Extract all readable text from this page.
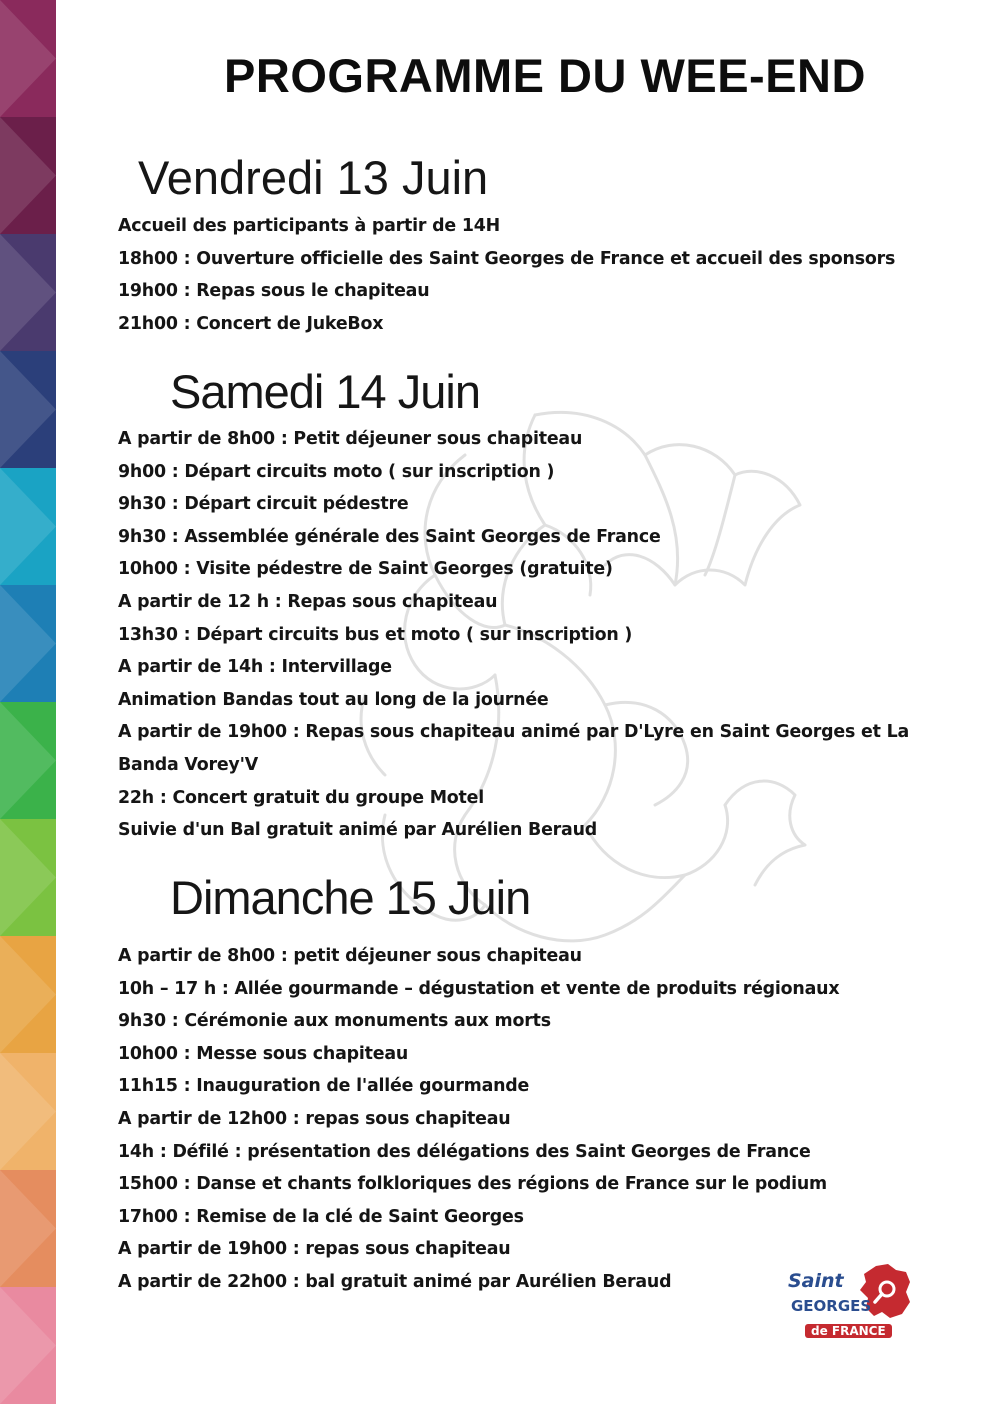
PROGRAMME DU WEE-END
Vendredi 13 Juin
Accueil des participants à partir de 14H
18h00 : Ouverture officielle des Saint Georges de France et accueil des sponsors
19h00 : Repas sous le chapiteau
21h00 : Concert de JukeBox
Samedi 14 Juin
A partir de 8h00 : Petit déjeuner sous chapiteau
9h00 : Départ circuits moto ( sur inscription )
9h30 : Départ circuit pédestre
9h30 : Assemblée générale des Saint Georges de France
10h00 : Visite pédestre de Saint Georges (gratuite)
A partir de 12 h : Repas sous chapiteau
13h30 : Départ circuits bus et moto ( sur inscription )
A partir de 14h : Intervillage
Animation Bandas tout au long de la journée
A partir de 19h00 : Repas sous chapiteau animé par D'Lyre en Saint Georges et La
Banda Vorey'V
22h : Concert gratuit du groupe Motel
Suivie d'un Bal gratuit animé par Aurélien Beraud
Dimanche 15 Juin
A partir de 8h00 : petit déjeuner sous chapiteau
10h – 17 h : Allée gourmande – dégustation et vente de produits régionaux
9h30 : Cérémonie aux monuments aux morts
10h00 : Messe sous chapiteau
11h15 : Inauguration de l'allée gourmande
A partir de 12h00 : repas sous chapiteau
14h : Défilé : présentation des délégations des Saint Georges de France
15h00 : Danse et chants folkloriques des régions de France sur le podium
17h00 : Remise de la clé de Saint Georges
A partir de 19h00 : repas sous chapiteau
A partir de 22h00 : bal gratuit animé par Aurélien Beraud	Saint
GEORGES
de FRANCE
